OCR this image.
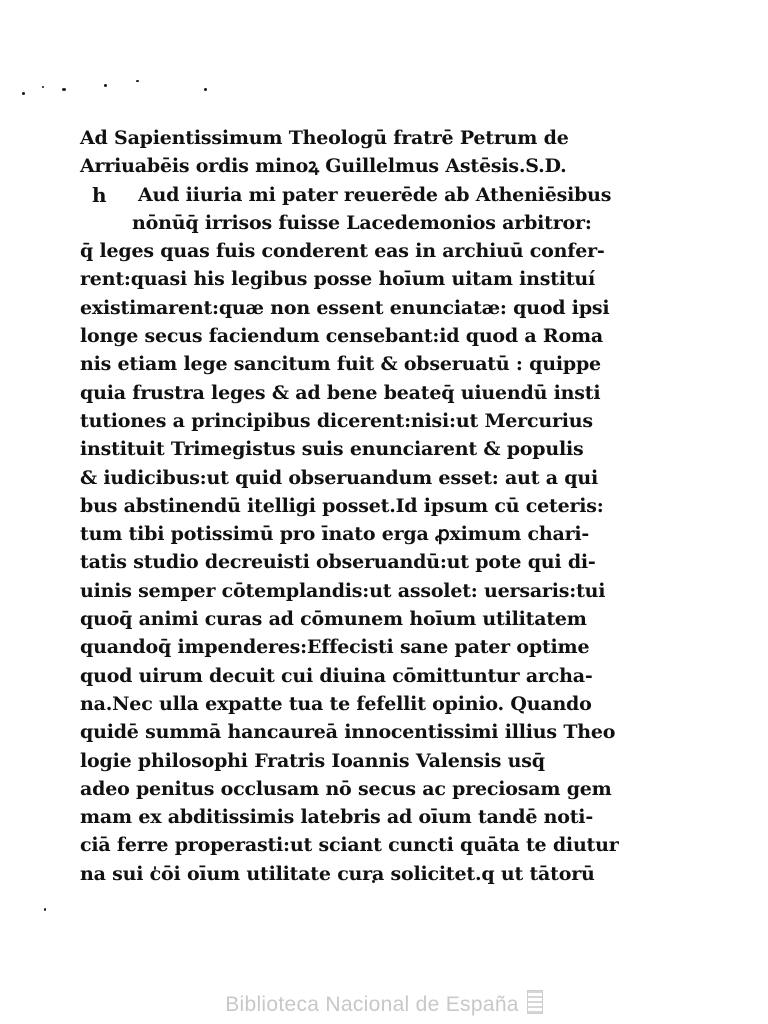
Ad Sapientissimum Theologū fratrē Petrum de
Arriuabēis ordis minoꝝ Guillelmus Astēsis.S.D.
h Aud iiuria mi pater reuerēde ab Atheniēsibus
nōnūq̄ irrisos fuisse Lacedemonios arbitror:
q̄ leges quas fuis conderent eas in archiuū confer‑
rent:quasi his legibus posse hoīum uitam instituí
existimarent:quæ non essent enunciatæ: quod ipsi
longe secus faciendum censebant:id quod a Roma
nis etiam lege sancitum fuit & obseruatū : quippe
quia frustra leges & ad bene beateq̄ uiuendū insti
tutiones a principibus dicerent:nisi:ut Mercurius
instituit Trimegistus suis enunciarent & populis
& iudicibus:ut quid obseruandum esset: aut a qui
bus abstinendū itelligi posset.Id ipsum cū ceteris:
tum tibi potissimū pro īnato erga ꝓximum chari‑
tatis studio decreuisti obseruandū:ut pote qui di‑
uinis semper cōtemplandis:ut assolet: uersaris:tui
quoq̄ animi curas ad cōmunem hoīum utilitatem
quandoq̄ impenderes:Effecisti sane pater optime
quod uirum decuit cui diuina cōmittuntur archa‑
na.Nec ulla expatte tua te fefellit opinio. Quando
quidē summā hancaureā innocentissimi illius Theo
logie philosophi Fratris Ioannis Valensis usq̄
adeo penitus occlusam nō secus ac preciosam gem
mam ex abditissimis latebris ad oīum tandē noti‑
ciā ferre properasti:ut sciant cuncti quāta te diutur
na sui cōi oīum utilitate cura solicitet.q ut tātorū
Biblioteca Nacional de España
